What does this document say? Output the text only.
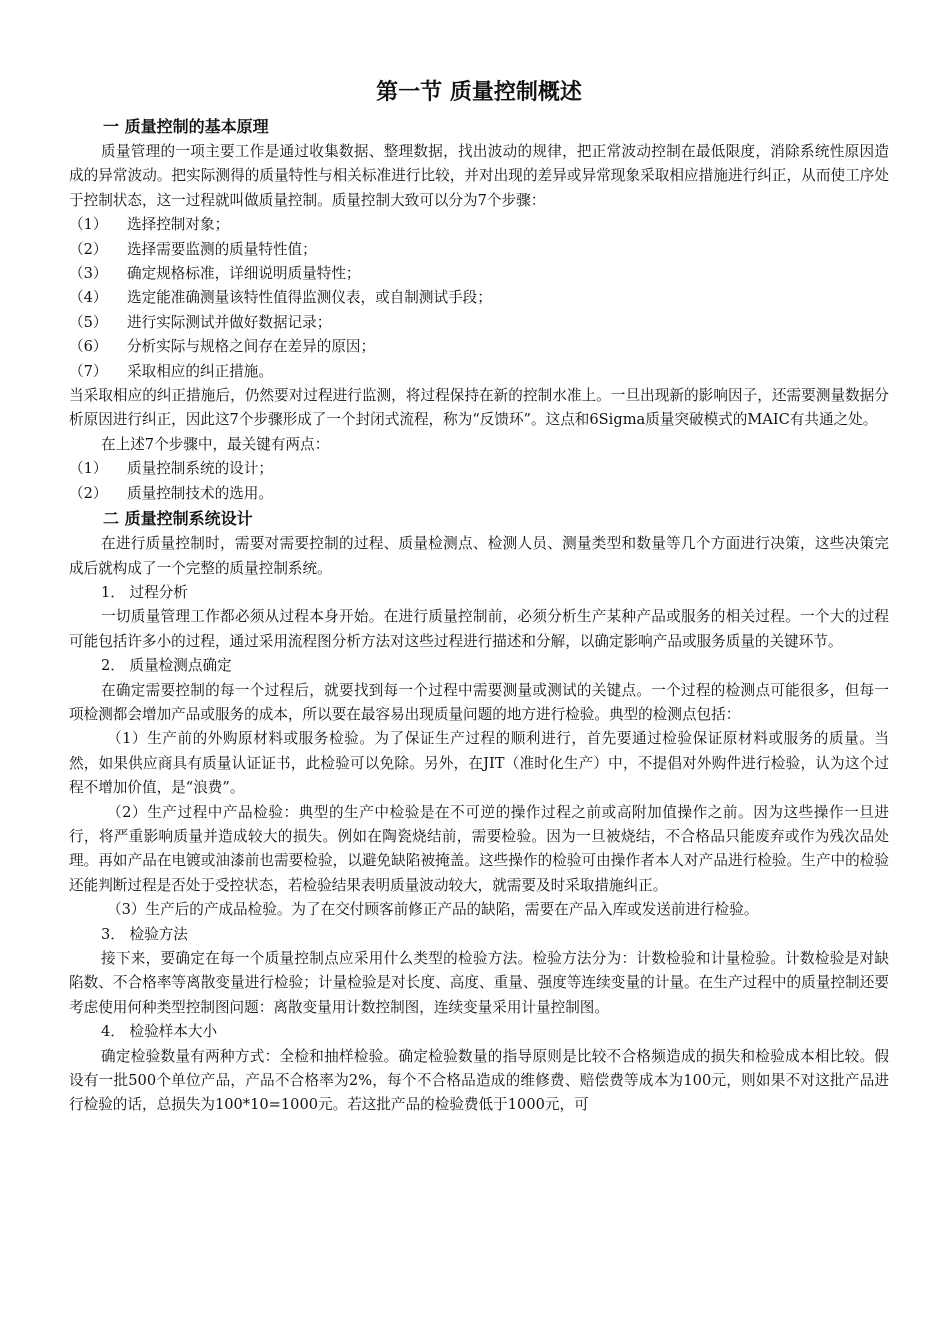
第一节 质量控制概述
一 质量控制的基本原理

质量管理的一项主要工作是通过收集数据、整理数据，找出波动的规律，把正常波动控制在最低限度，消除系统性原因造成的异常波动。把实际测得的质量特性与相关标准进行比较，并对出现的差异或异常现象采取相应措施进行纠正，从而使工序处于控制状态，这一过程就叫做质量控制。质量控制大致可以分为7个步骤：

（1）	选择控制对象；
（2）	选择需要监测的质量特性值；
（3）	确定规格标准，详细说明质量特性；
（4）	选定能准确测量该特性值得监测仪表，或自制测试手段；
（5）	进行实际测试并做好数据记录；
（6）	分析实际与规格之间存在差异的原因；
（7）	采取相应的纠正措施。

当采取相应的纠正措施后，仍然要对过程进行监测，将过程保持在新的控制水准上。一旦出现新的影响因子，还需要测量数据分析原因进行纠正，因此这7个步骤形成了一个封闭式流程，称为“反馈环”。这点和6Sigma质量突破模式的MAIC有共通之处。

在上述7个步骤中，最关键有两点：

（1）	质量控制系统的设计；
（2）	质量控制技术的选用。
二 质量控制系统设计

在进行质量控制时，需要对需要控制的过程、质量检测点、检测人员、测量类型和数量等几个方面进行决策，这些决策完成后就构成了一个完整的质量控制系统。

1． 过程分析

一切质量管理工作都必须从过程本身开始。在进行质量控制前，必须分析生产某种产品或服务的相关过程。一个大的过程可能包括许多小的过程，通过采用流程图分析方法对这些过程进行描述和分解，以确定影响产品或服务质量的关键环节。

2． 质量检测点确定

在确定需要控制的每一个过程后，就要找到每一个过程中需要测量或测试的关键点。一个过程的检测点可能很多，但每一项检测都会增加产品或服务的成本，所以要在最容易出现质量问题的地方进行检验。典型的检测点包括：

（1）生产前的外购原材料或服务检验。为了保证生产过程的顺利进行，首先要通过检验保证原材料或服务的质量。当然，如果供应商具有质量认证证书，此检验可以免除。另外，在JIT（准时化生产）中，不提倡对外购件进行检验，认为这个过程不增加价值，是“浪费”。

（2）生产过程中产品检验：典型的生产中检验是在不可逆的操作过程之前或高附加值操作之前。因为这些操作一旦进行，将严重影响质量并造成较大的损失。例如在陶瓷烧结前，需要检验。因为一旦被烧结，不合格品只能废弃或作为残次品处理。再如产品在电镀或油漆前也需要检验，以避免缺陷被掩盖。这些操作的检验可由操作者本人对产品进行检验。生产中的检验还能判断过程是否处于受控状态，若检验结果表明质量波动较大，就需要及时采取措施纠正。

（3）生产后的产成品检验。为了在交付顾客前修正产品的缺陷，需要在产品入库或发送前进行检验。

3． 检验方法

接下来，要确定在每一个质量控制点应采用什么类型的检验方法。检验方法分为：计数检验和计量检验。计数检验是对缺陷数、不合格率等离散变量进行检验；计量检验是对长度、高度、重量、强度等连续变量的计量。在生产过程中的质量控制还要考虑使用何种类型控制图问题：离散变量用计数控制图，连续变量采用计量控制图。

4． 检验样本大小

确定检验数量有两种方式：全检和抽样检验。确定检验数量的指导原则是比较不合格频造成的损失和检验成本相比较。假设有一批500个单位产品，产品不合格率为2%，每个不合格品造成的维修费、赔偿费等成本为100元，则如果不对这批产品进行检验的话，总损失为100*10=1000元。若这批产品的检验费低于1000元，可
